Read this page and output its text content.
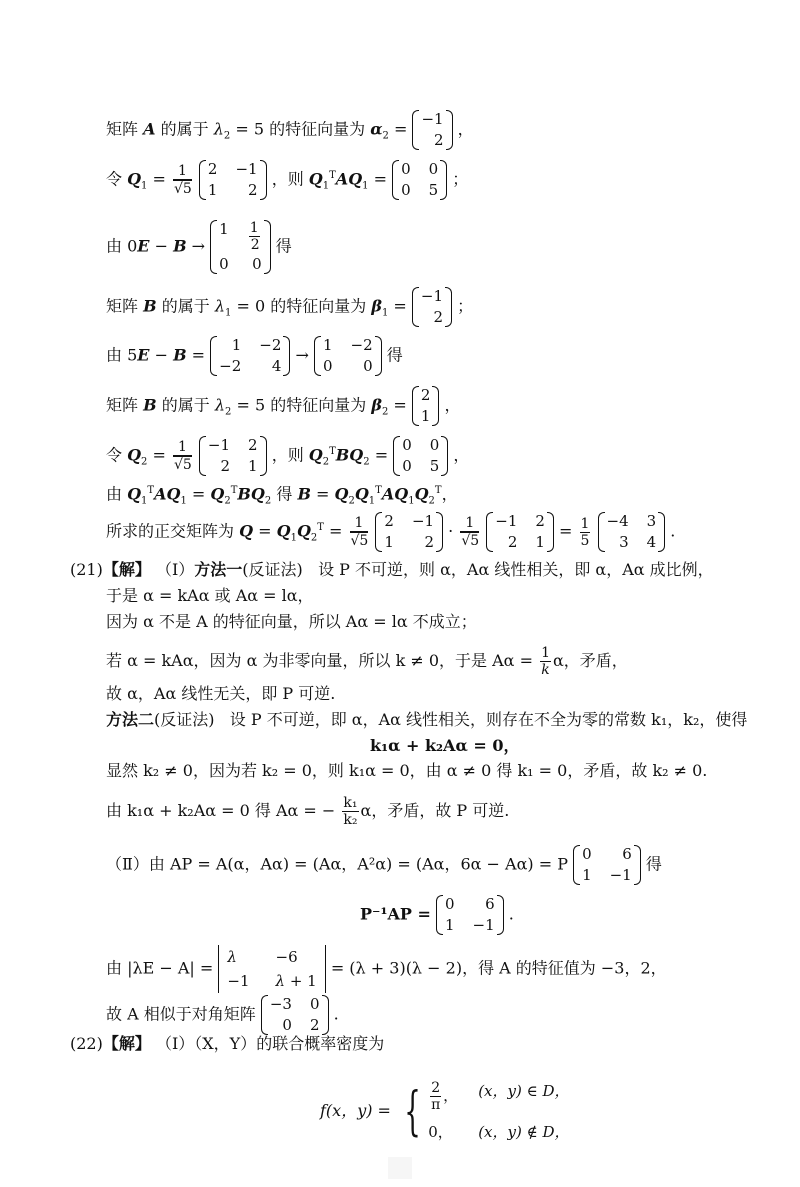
矩阵 A 的属于 $\lambda_2 = 5$ 的特征向量为 $\alpha_2$ =
−1
2
，
令 $Q_1 = \frac{1}{√5}$
2 −1
1	2
，则 $Q_1^TAQ_1$ =
0 0
0 5
；
由 0E − B →
$1 \frac{1}{2}$
0	0
得
矩阵 B 的属于 $\lambda_1 = 0$ 的特征向量为 $\beta_1$ =
−1
2
；
由 5E − B =
1 −2
−2	4
→
1 −2
0	0
得
矩阵 B 的属于 $\lambda_2 = 5$ 的特征向量为 $\beta_2$ =
2
1
，
令 $Q_2 = \frac{1}{√5}$
−1 2
2 1
，则 $Q_2^TBQ_2$ =
0 0
0 5
，
由 $Q_1^TAQ_1 = Q_2^TBQ_2$ 得 $B = Q_2Q_1^TAQ_1Q_2^T$，
所求的正交矩阵为 $Q = Q_1Q_2^T = \frac{1}{√5}$
2 −1
1	2
· $\frac{1}{√5}$
−1 2
2 1
= $\frac{1}{5}$
−4 3
3 4
.
(21)【解】 （Ⅰ）方法一(反证法) 设 P 不可逆，则 α，Aα 线性相关，即 α，Aα 成比例，
于是 α = kAα 或 Aα = lα，
因为 α 不是 A 的特征向量，所以 Aα = lα 不成立；
若 α = kAα，因为 α 为非零向量，所以 k ≠ 0，于是 $A\alpha = \frac{1}{k}$ α，矛盾，
故 α，Aα 线性无关，即 P 可逆.
方法二(反证法) 设 P 不可逆，即 α，Aα 线性相关，则存在不全为零的常数 k₁，k₂，使得
k₁α + k₂Aα = 0，
显然 k₂ ≠ 0，因为若 k₂ = 0，则 k₁α = 0，由 α ≠ 0 得 k₁ = 0，矛盾，故 k₂ ≠ 0.
由 k₁α + k₂Aα = 0 得 Aα = − $\frac{\text{k₁}}{\text{k₂}}$ α，矛盾，故 P 可逆.
（Ⅱ）由 AP = A(α，Aα) = (Aα，A²α) = (Aα，6α − Aα) = P
0	6
1 −1
得
P⁻¹AP =
0	6
1 −1
.
由 |λE − A| =
λ	−6
−1 λ + 1
= (λ + 3)(λ − 2)，得 A 的特征值为 −3，2，
故 A 相似于对角矩阵
−3 0
0 2
.
(22)【解】 （Ⅰ）（X，Y）的联合概率密度为
f(x，y) = { $\frac{2}{\pi}$ ， (x，y) ∈ D，
0，	(x，y) ∉ D，
